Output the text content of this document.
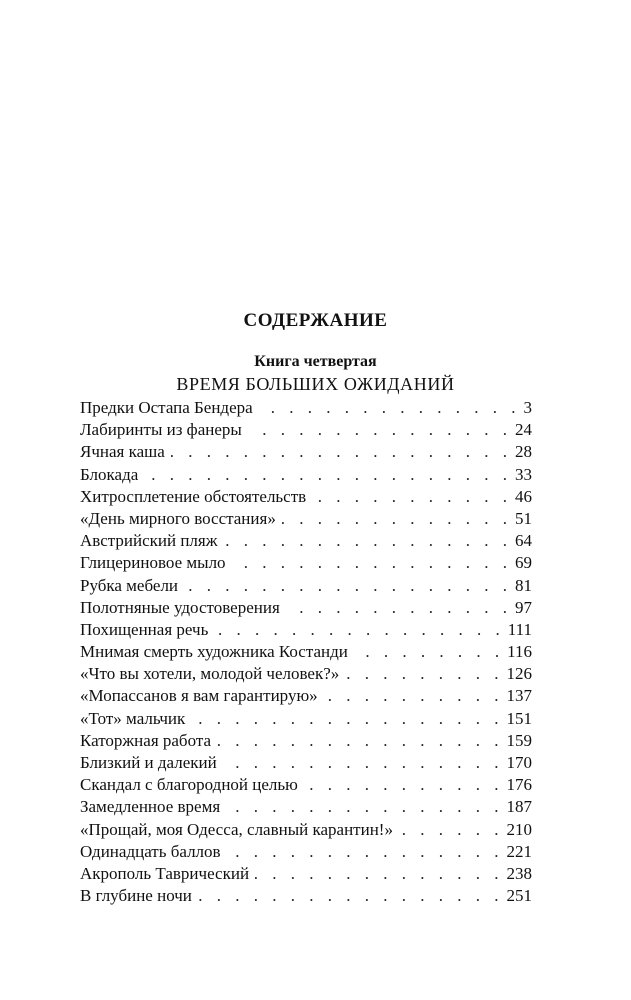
СОДЕРЖАНИЕ
Книга четвертая
ВРЕМЯ БОЛЬШИХ ОЖИДАНИЙ
Предки Остапа Бендера . . .	3
Лабиринты из фанеры . . .	24
Ячная каша . . .	28
Блокада . . .	33
Хитросплетение обстоятельств . . .	46
«День мирного восстания» . . .	51
Австрийский пляж . . .	64
Глицериновое мыло . . .	69
Рубка мебели . . .	81
Полотняные удостоверения . . .	97
Похищенная речь . . .	111
Мнимая смерть художника Костанди . . .	116
«Что вы хотели, молодой человек?» . . .	126
«Мопассанов я вам гарантирую» . . .	137
«Тот» мальчик . . .	151
Каторжная работа . . .	159
Близкий и далекий . . .	170
Скандал с благородной целью . . .	176
Замедленное время . . .	187
«Прощай, моя Одесса, славный карантин!» . . .	210
Одинадцать баллов . . .	221
Акрополь Таврический . . .	238
В глубине ночи . . .	251
